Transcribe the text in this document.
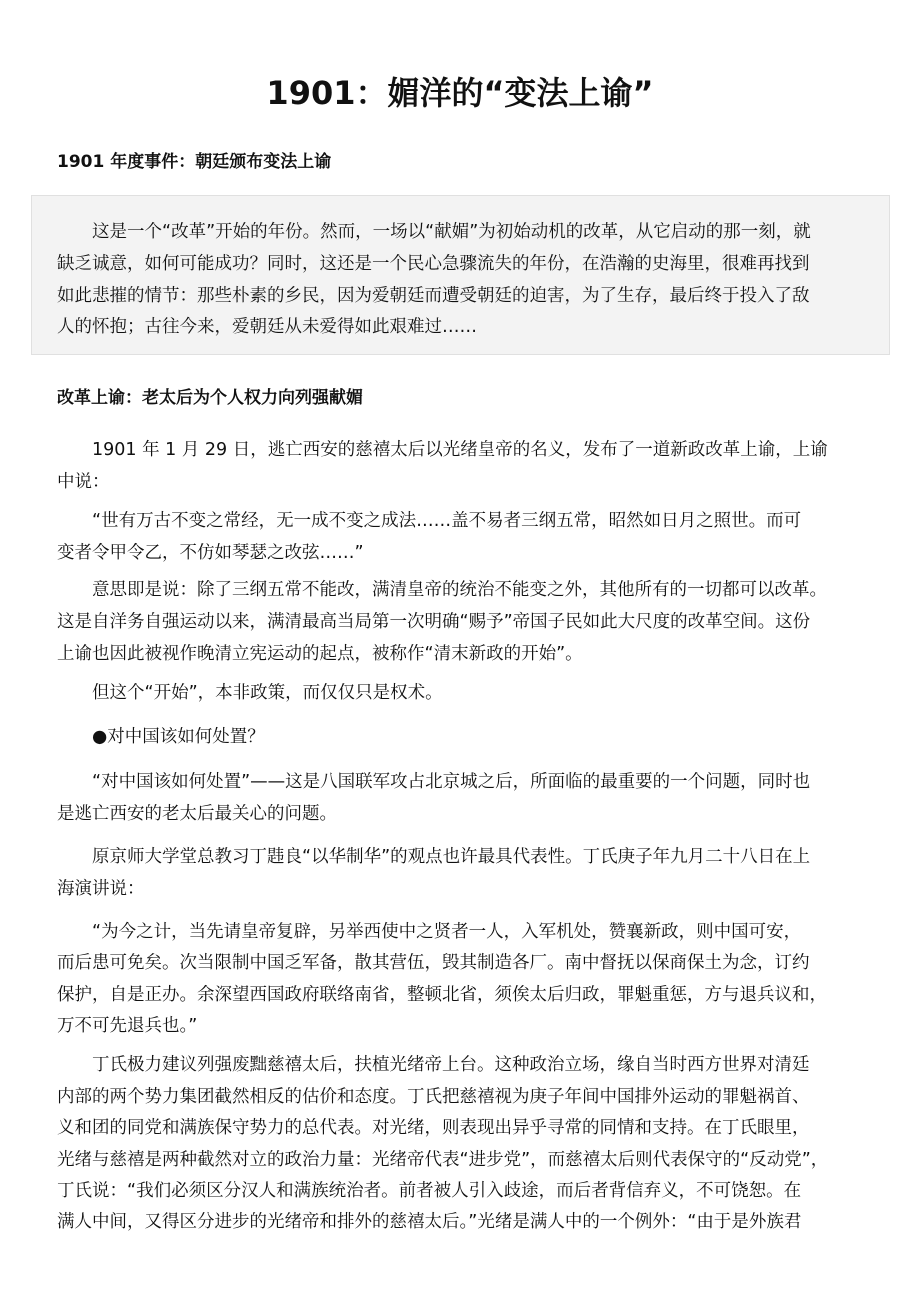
1901：媚洋的“变法上谕”
1901 年度事件：朝廷颁布变法上谕
　　这是一个“改革”开始的年份。然而，一场以“献媚”为初始动机的改革，从它启动的那一刻，就
缺乏诚意，如何可能成功？同时，这还是一个民心急骤流失的年份，在浩瀚的史海里，很难再找到
如此悲摧的情节：那些朴素的乡民，因为爱朝廷而遭受朝廷的迫害，为了生存，最后终于投入了敌
人的怀抱；古往今来，爱朝廷从未爱得如此艰难过……
改革上谕：老太后为个人权力向列强献媚
　　1901 年 1 月 29 日，逃亡西安的慈禧太后以光绪皇帝的名义，发布了一道新政改革上谕，上谕
中说：
　　“世有万古不变之常经，无一成不变之成法……盖不易者三纲五常，昭然如日月之照世。而可
变者令甲令乙，不仿如琴瑟之改弦……”
　　意思即是说：除了三纲五常不能改，满清皇帝的统治不能变之外，其他所有的一切都可以改革。
这是自洋务自强运动以来，满清最高当局第一次明确“赐予”帝国子民如此大尺度的改革空间。这份
上谕也因此被视作晚清立宪运动的起点，被称作“清末新政的开始”。
　　但这个“开始”，本非政策，而仅仅只是权术。
　　●对中国该如何处置？
　　“对中国该如何处置”——这是八国联军攻占北京城之后，所面临的最重要的一个问题，同时也
是逃亡西安的老太后最关心的问题。
　　原京师大学堂总教习丁韪良“以华制华”的观点也许最具代表性。丁氏庚子年九月二十八日在上
海演讲说：
　　“为今之计，当先请皇帝复辟，另举西使中之贤者一人，入军机处，赞襄新政，则中国可安，
而后患可免矣。次当限制中国乏军备，散其营伍，毁其制造各厂。南中督抚以保商保土为念，订约
保护，自是正办。余深望西国政府联络南省，整顿北省，须俟太后归政，罪魁重惩，方与退兵议和，
万不可先退兵也。”
　　丁氏极力建议列强废黜慈禧太后，扶植光绪帝上台。这种政治立场，缘自当时西方世界对清廷
内部的两个势力集团截然相反的估价和态度。丁氏把慈禧视为庚子年间中国排外运动的罪魁祸首、
义和团的同党和满族保守势力的总代表。对光绪，则表现出异乎寻常的同情和支持。在丁氏眼里，
光绪与慈禧是两种截然对立的政治力量：光绪帝代表“进步党”，而慈禧太后则代表保守的“反动党”，
丁氏说：“我们必须区分汉人和满族统治者。前者被人引入歧途，而后者背信弃义，不可饶恕。在
满人中间，又得区分进步的光绪帝和排外的慈禧太后。”光绪是满人中的一个例外：“由于是外族君
